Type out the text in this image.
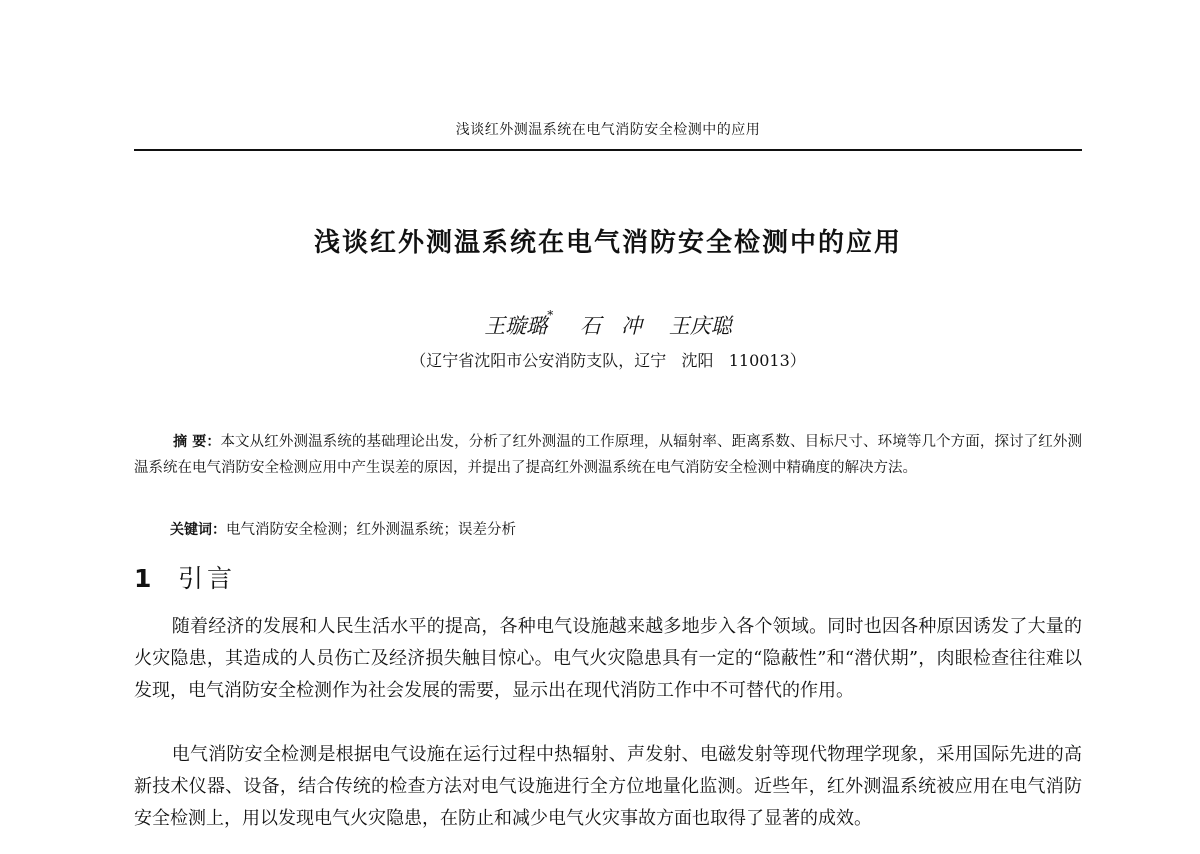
浅谈红外测温系统在电气消防安全检测中的应用
浅谈红外测温系统在电气消防安全检测中的应用
王璇璐*    石   冲    王庆聪
（辽宁省沈阳市公安消防支队，辽宁   沈阳   110013）
摘 要：本文从红外测温系统的基础理论出发，分析了红外测温的工作原理，从辐射率、距离系数、目标尺寸、环境等几个方面，探讨了红外测温系统在电气消防安全检测应用中产生误差的原因，并提出了提高红外测温系统在电气消防安全检测中精确度的解决方法。
关键词：电气消防安全检测；红外测温系统；误差分析
1 引言

随着经济的发展和人民生活水平的提高，各种电气设施越来越多地步入各个领域。同时也因各种原因诱发了大量的火灾隐患，其造成的人员伤亡及经济损失触目惊心。电气火灾隐患具有一定的“隐蔽性”和“潜伏期”，肉眼检查往往难以发现，电气消防安全检测作为社会发展的需要，显示出在现代消防工作中不可替代的作用。

电气消防安全检测是根据电气设施在运行过程中热辐射、声发射、电磁发射等现代物理学现象，采用国际先进的高新技术仪器、设备，结合传统的检查方法对电气设施进行全方位地量化监测。近些年，红外测温系统被应用在电气消防安全检测上，用以发现电气火灾隐患，在防止和减少电气火灾事故方面也取得了显著的成效。
